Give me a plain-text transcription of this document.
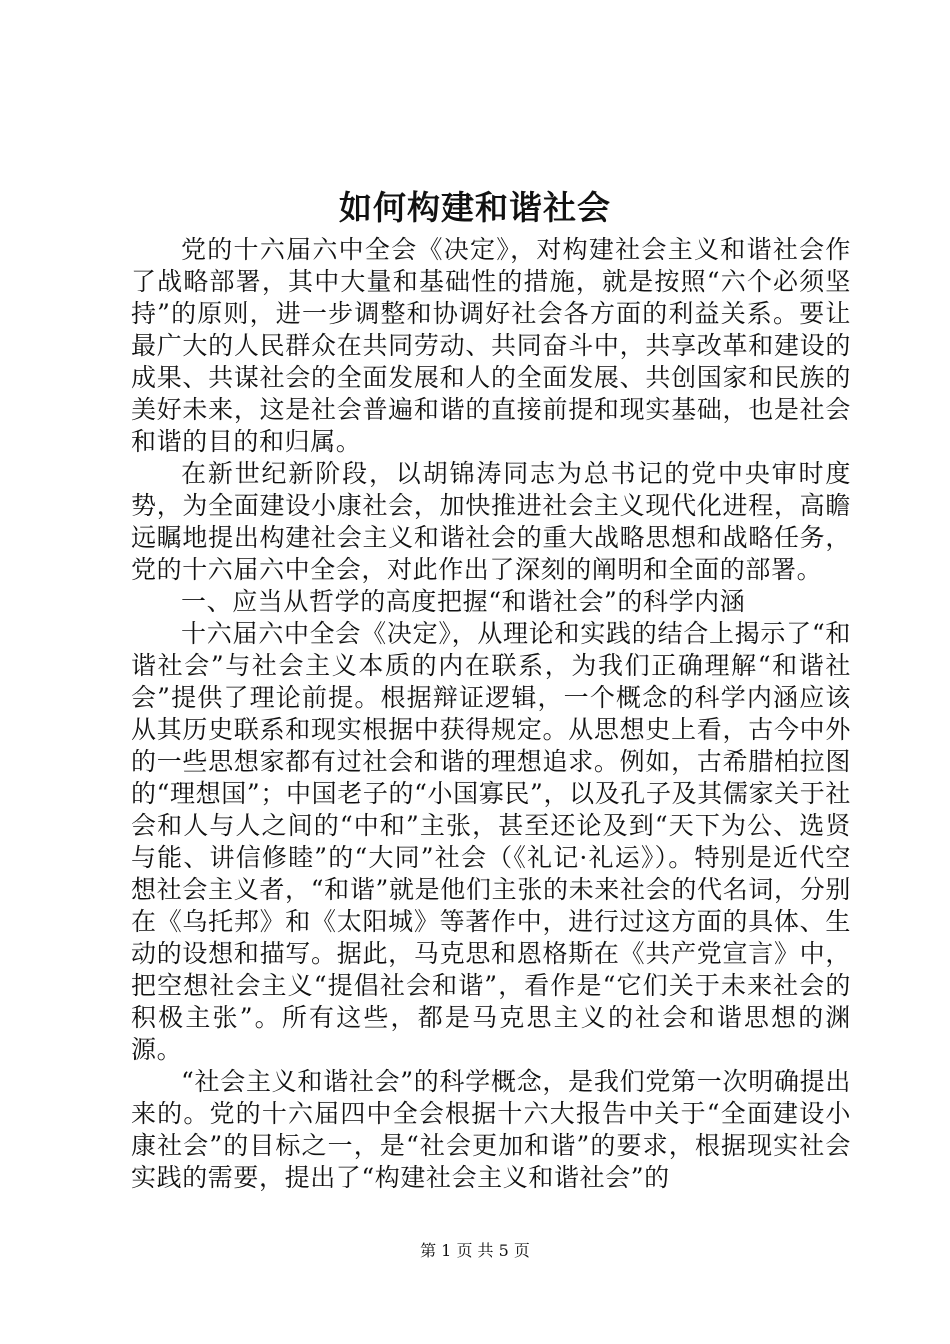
如何构建和谐社会

党的十六届六中全会《决定》，对构建社会主义和谐社会作了战略部署，其中大量和基础性的措施，就是按照“六个必须坚持”的原则，进一步调整和协调好社会各方面的利益关系。要让最广大的人民群众在共同劳动、共同奋斗中，共享改革和建设的成果、共谋社会的全面发展和人的全面发展、共创国家和民族的美好未来，这是社会普遍和谐的直接前提和现实基础，也是社会和谐的目的和归属。

在新世纪新阶段，以胡锦涛同志为总书记的党中央审时度势，为全面建设小康社会，加快推进社会主义现代化进程，高瞻远瞩地提出构建社会主义和谐社会的重大战略思想和战略任务，党的十六届六中全会，对此作出了深刻的阐明和全面的部署。

一、应当从哲学的高度把握“和谐社会”的科学内涵

十六届六中全会《决定》，从理论和实践的结合上揭示了“和谐社会”与社会主义本质的内在联系，为我们正确理解“和谐社会”提供了理论前提。根据辩证逻辑，一个概念的科学内涵应该从其历史联系和现实根据中获得规定。从思想史上看，古今中外的一些思想家都有过社会和谐的理想追求。例如，古希腊柏拉图的“理想国”；中国老子的“小国寡民”，以及孔子及其儒家关于社会和人与人之间的“中和”主张，甚至还论及到“天下为公、选贤与能、讲信修睦”的“大同”社会（《礼记·礼运》）。特别是近代空想社会主义者，“和谐”就是他们主张的未来社会的代名词，分别在《乌托邦》和《太阳城》等著作中，进行过这方面的具体、生动的设想和描写。据此，马克思和恩格斯在《共产党宣言》中，把空想社会主义“提倡社会和谐”，看作是“它们关于未来社会的积极主张”。所有这些，都是马克思主义的社会和谐思想的渊源。

“社会主义和谐社会”的科学概念，是我们党第一次明确提出来的。党的十六届四中全会根据十六大报告中关于“全面建设小康社会”的目标之一，是“社会更加和谐”的要求，根据现实社会实践的需要，提出了“构建社会主义和谐社会”的

第 1 页 共 5 页
